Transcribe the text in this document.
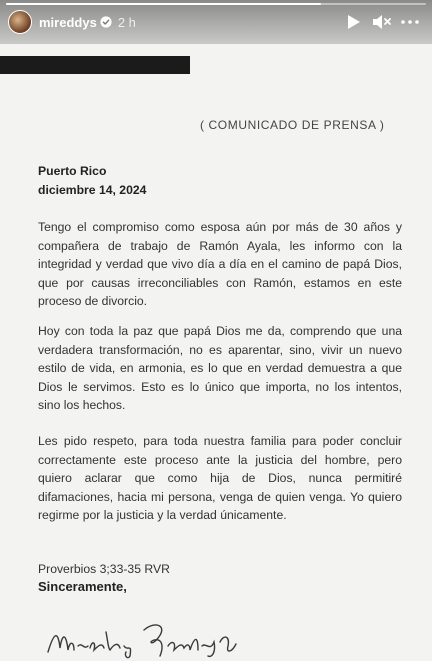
( COMUNICADO DE PRENSA )
Puerto Rico
diciembre 14, 2024
Tengo el compromiso como esposa aún por más de 30 años y compañera de trabajo de Ramón Ayala, les informo con la integridad y verdad que vivo día a día en el camino de papá Dios, que por causas irreconciliables con Ramón, estamos en este proceso de divorcio.
Hoy con toda la paz que papá Dios me da, comprendo que una verdadera transformación, no es aparentar, sino, vivir un nuevo estilo de vida, en armonia, es lo que en verdad demuestra a que Dios le servimos. Esto es lo único que importa, no los intentos, sino los hechos.
Les pido respeto, para toda nuestra familia para poder concluir correctamente este proceso ante la justicia del hombre, pero quiero aclarar que como hija de Dios, nunca permitiré difamaciones, hacia mi persona, venga de quien venga. Yo quiero regirme por la justicia y la verdad únicamente.
Proverbios 3;33-35 RVR
Sinceramente,
mireddys 2 h
